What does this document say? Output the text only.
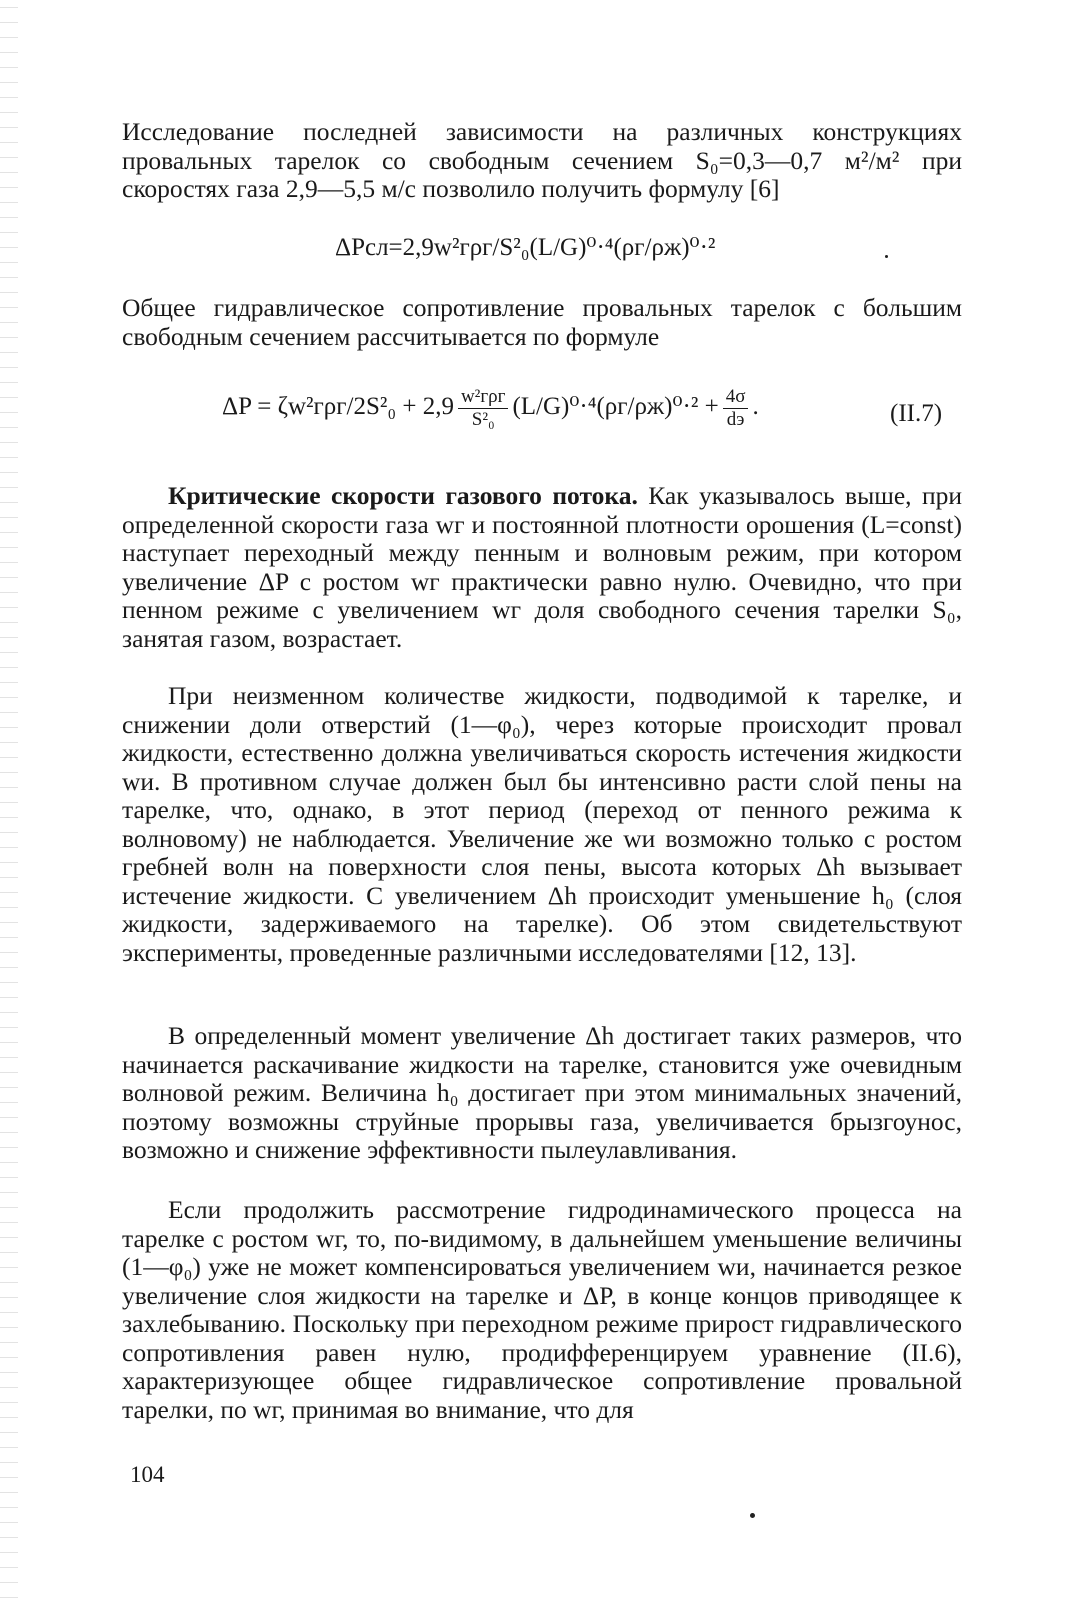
Исследование последней зависимости на различных конструкциях провальных тарелок со свободным сечением S₀=0,3—0,7 м²/м² при скоростях газа 2,9—5,5 м/с позволило получить формулу [6]

ΔPсл=2,9w²гρг/S²₀(L/G)⁰·⁴(ρг/ρж)⁰·²

Общее гидравлическое сопротивление провальных тарелок с большим свободным сечением рассчитывается по формуле

$\Delta P = \zeta w^2г\rho г/2S^2_0 + 2,9 \frac{\text{w²гρг}}{\text{S²₀}} (L/G)^0\cdot^4(\rho г/\rho ж)^0\cdot^2 + \frac{4\sigma}{dэ}$ .	(II.7)

Критические скорости газового потока. Как указывалось выше, при определенной скорости газа wг и постоянной плотности орошения (L=const) наступает переходный между пенным и волновым режим, при котором увеличение ΔP с ростом wг практически равно нулю. Очевидно, что при пенном режиме с увеличением wг доля свободного сечения тарелки S₀, занятая газом, возрастает.

При неизменном количестве жидкости, подводимой к тарелке, и снижении доли отверстий (1—φ₀), через которые происходит провал жидкости, естественно должна увеличиваться скорость истечения жидкости wи. В противном случае должен был бы интенсивно расти слой пены на тарелке, что, однако, в этот период (переход от пенного режима к волновому) не наблюдается. Увеличение же wи возможно только с ростом гребней волн на поверхности слоя пены, высота которых Δh вызывает истечение жидкости. С увеличением Δh происходит уменьшение h₀ (слоя жидкости, задерживаемого на тарелке). Об этом свидетельствуют эксперименты, проведенные различными исследователями [12, 13].

В определенный момент увеличение Δh достигает таких размеров, что начинается раскачивание жидкости на тарелке, становится уже очевидным волновой режим. Величина h₀ достигает при этом минимальных значений, поэтому возможны струйные прорывы газа, увеличивается брызгоунос, возможно и снижение эффективности пылеулавливания.

Если продолжить рассмотрение гидродинамического процесса на тарелке с ростом wг, то, по-видимому, в дальнейшем уменьшение величины (1—φ₀) уже не может компенсироваться увеличением wи, начинается резкое увеличение слоя жидкости на тарелке и ΔP, в конце концов приводящее к захлебыванию. Поскольку при переходном режиме прирост гидравлического сопротивления равен нулю, продифференцируем уравнение (II.6), характеризующее общее гидравлическое сопротивление провальной тарелки, по wг, принимая во внимание, что для

104
